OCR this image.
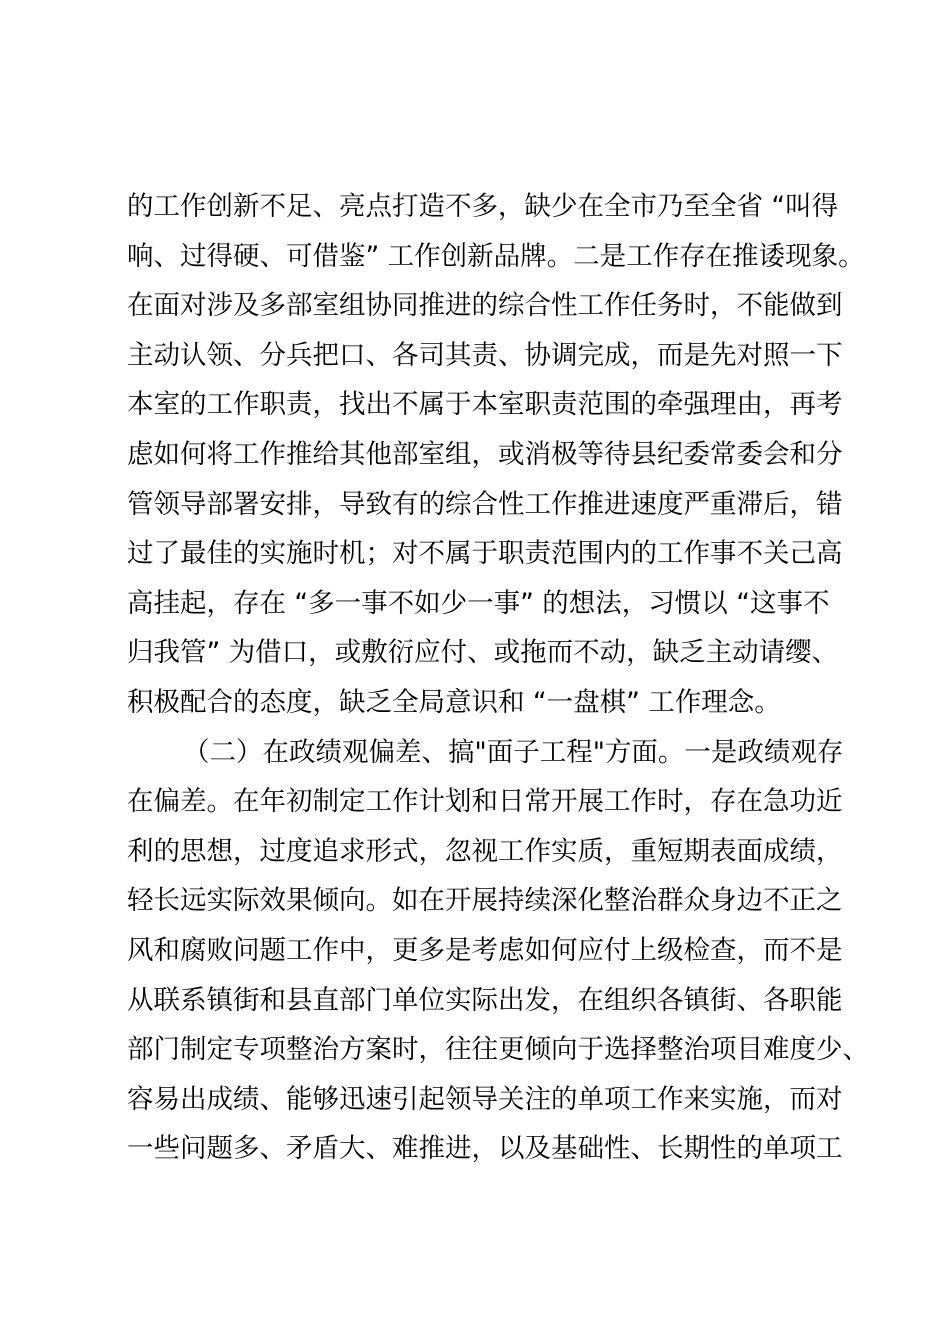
的工作创新不足、亮点打造不多，缺少在全市乃至全省 “叫得
响、过得硬、可借鉴” 工作创新品牌。二是工作存在推诿现象。
在面对涉及多部室组协同推进的综合性工作任务时，不能做到
主动认领、分兵把口、各司其责、协调完成，而是先对照一下
本室的工作职责，找出不属于本室职责范围的牵强理由，再考
虑如何将工作推给其他部室组，或消极等待县纪委常委会和分
管领导部署安排，导致有的综合性工作推进速度严重滞后，错
过了最佳的实施时机；对不属于职责范围内的工作事不关己高
高挂起，存在 “多一事不如少一事” 的想法，习惯以 “这事不
归我管” 为借口，或敷衍应付、或拖而不动，缺乏主动请缨、
积极配合的态度，缺乏全局意识和 “一盘棋” 工作理念。
（二）在政绩观偏差、搞"面子工程"方面。一是政绩观存
在偏差。在年初制定工作计划和日常开展工作时，存在急功近
利的思想，过度追求形式，忽视工作实质，重短期表面成绩，
轻长远实际效果倾向。如在开展持续深化整治群众身边不正之
风和腐败问题工作中，更多是考虑如何应付上级检查，而不是
从联系镇街和县直部门单位实际出发，在组织各镇街、各职能
部门制定专项整治方案时，往往更倾向于选择整治项目难度少、
容易出成绩、能够迅速引起领导关注的单项工作来实施，而对
一些问题多、矛盾大、难推进，以及基础性、长期性的单项工
